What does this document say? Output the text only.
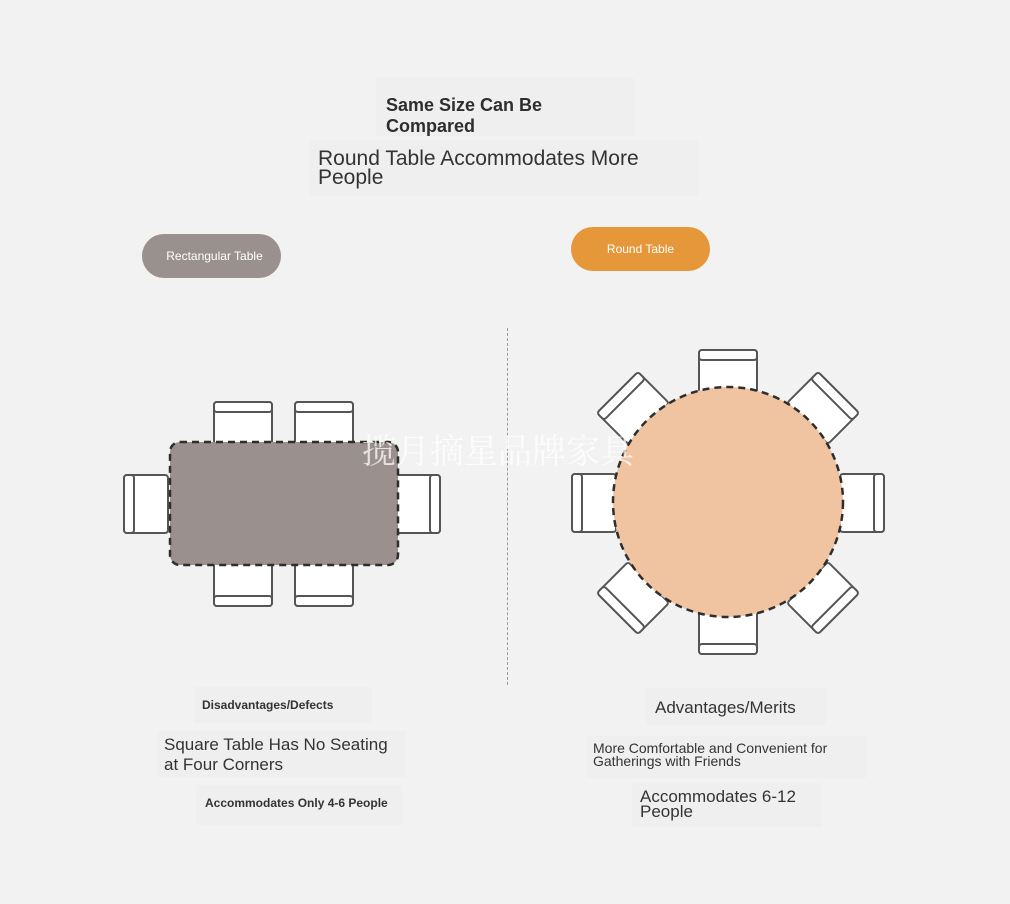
Same Size Can Be Compared
Round Table Accommodates More People
Rectangular Table	Round Table
揽月摘星品牌家具
Disadvantages/Defects
Square Table Has No Seating at Four Corners
Accommodates Only 4-6 People
Advantages/Merits
More Comfortable and Convenient for Gatherings with Friends
Accommodates 6-12 People
